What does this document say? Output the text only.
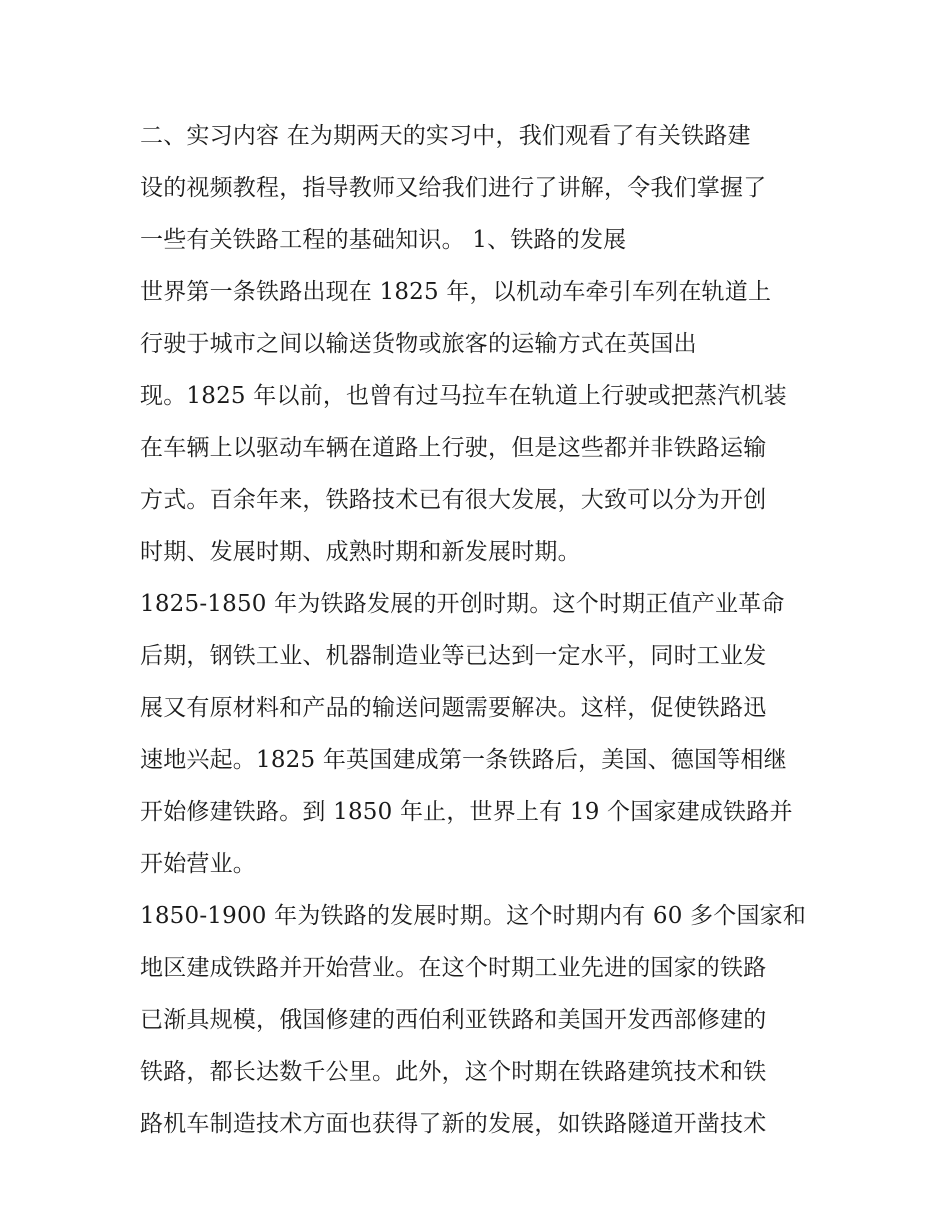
二、实习内容 在为期两天的实习中，我们观看了有关铁路建
设的视频教程，指导教师又给我们进行了讲解，令我们掌握了
一些有关铁路工程的基础知识。 1、铁路的发展
世界第一条铁路出现在 1825 年，以机动车牵引车列在轨道上
行驶于城市之间以输送货物或旅客的运输方式在英国出
现。1825 年以前，也曾有过马拉车在轨道上行驶或把蒸汽机装
在车辆上以驱动车辆在道路上行驶，但是这些都并非铁路运输
方式。百余年来，铁路技术已有很大发展，大致可以分为开创
时期、发展时期、成熟时期和新发展时期。
1825-1850 年为铁路发展的开创时期。这个时期正值产业革命
后期，钢铁工业、机器制造业等已达到一定水平，同时工业发
展又有原材料和产品的输送问题需要解决。这样，促使铁路迅
速地兴起。1825 年英国建成第一条铁路后，美国、德国等相继
开始修建铁路。到 1850 年止，世界上有 19 个国家建成铁路并
开始营业。
1850-1900 年为铁路的发展时期。这个时期内有 60 多个国家和
地区建成铁路并开始营业。在这个时期工业先进的国家的铁路
已渐具规模，俄国修建的西伯利亚铁路和美国开发西部修建的
铁路，都长达数千公里。此外，这个时期在铁路建筑技术和铁
路机车制造技术方面也获得了新的发展，如铁路隧道开凿技术
